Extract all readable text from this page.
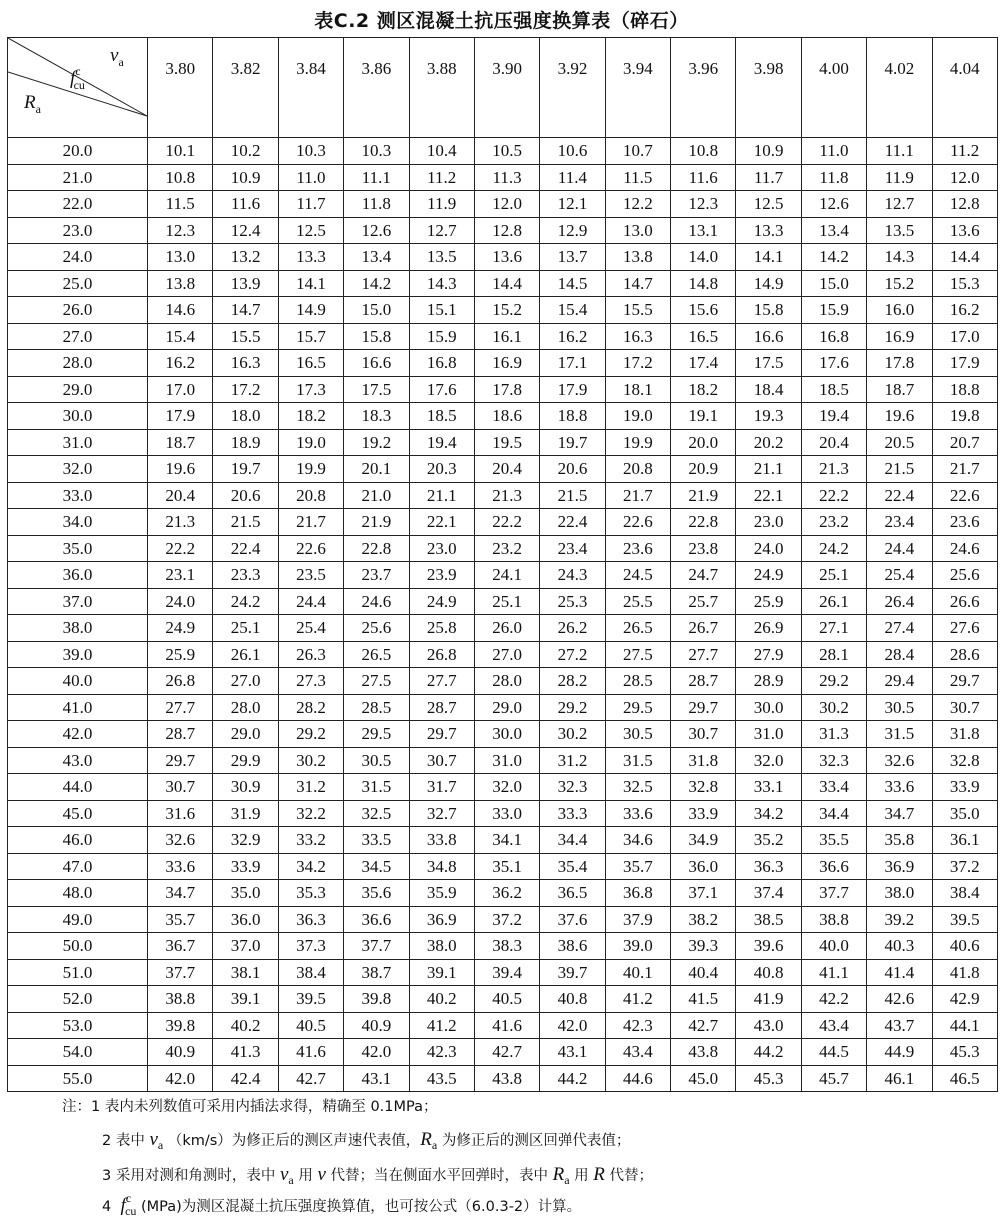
表C.2 测区混凝土抗压强度换算表（碎石）
$v_a$
$f^c_{cu}$
$R_a$	3.80	3.82	3.84	3.86	3.88	3.90	3.92	3.94	3.96	3.98	4.00	4.02	4.04
20.0	10.1	10.2	10.3	10.3	10.4	10.5	10.6	10.7	10.8	10.9	11.0	11.1	11.2
21.0	10.8	10.9	11.0	11.1	11.2	11.3	11.4	11.5	11.6	11.7	11.8	11.9	12.0
22.0	11.5	11.6	11.7	11.8	11.9	12.0	12.1	12.2	12.3	12.5	12.6	12.7	12.8
23.0	12.3	12.4	12.5	12.6	12.7	12.8	12.9	13.0	13.1	13.3	13.4	13.5	13.6
24.0	13.0	13.2	13.3	13.4	13.5	13.6	13.7	13.8	14.0	14.1	14.2	14.3	14.4
25.0	13.8	13.9	14.1	14.2	14.3	14.4	14.5	14.7	14.8	14.9	15.0	15.2	15.3
26.0	14.6	14.7	14.9	15.0	15.1	15.2	15.4	15.5	15.6	15.8	15.9	16.0	16.2
27.0	15.4	15.5	15.7	15.8	15.9	16.1	16.2	16.3	16.5	16.6	16.8	16.9	17.0
28.0	16.2	16.3	16.5	16.6	16.8	16.9	17.1	17.2	17.4	17.5	17.6	17.8	17.9
29.0	17.0	17.2	17.3	17.5	17.6	17.8	17.9	18.1	18.2	18.4	18.5	18.7	18.8
30.0	17.9	18.0	18.2	18.3	18.5	18.6	18.8	19.0	19.1	19.3	19.4	19.6	19.8
31.0	18.7	18.9	19.0	19.2	19.4	19.5	19.7	19.9	20.0	20.2	20.4	20.5	20.7
32.0	19.6	19.7	19.9	20.1	20.3	20.4	20.6	20.8	20.9	21.1	21.3	21.5	21.7
33.0	20.4	20.6	20.8	21.0	21.1	21.3	21.5	21.7	21.9	22.1	22.2	22.4	22.6
34.0	21.3	21.5	21.7	21.9	22.1	22.2	22.4	22.6	22.8	23.0	23.2	23.4	23.6
35.0	22.2	22.4	22.6	22.8	23.0	23.2	23.4	23.6	23.8	24.0	24.2	24.4	24.6
36.0	23.1	23.3	23.5	23.7	23.9	24.1	24.3	24.5	24.7	24.9	25.1	25.4	25.6
37.0	24.0	24.2	24.4	24.6	24.9	25.1	25.3	25.5	25.7	25.9	26.1	26.4	26.6
38.0	24.9	25.1	25.4	25.6	25.8	26.0	26.2	26.5	26.7	26.9	27.1	27.4	27.6
39.0	25.9	26.1	26.3	26.5	26.8	27.0	27.2	27.5	27.7	27.9	28.1	28.4	28.6
40.0	26.8	27.0	27.3	27.5	27.7	28.0	28.2	28.5	28.7	28.9	29.2	29.4	29.7
41.0	27.7	28.0	28.2	28.5	28.7	29.0	29.2	29.5	29.7	30.0	30.2	30.5	30.7
42.0	28.7	29.0	29.2	29.5	29.7	30.0	30.2	30.5	30.7	31.0	31.3	31.5	31.8
43.0	29.7	29.9	30.2	30.5	30.7	31.0	31.2	31.5	31.8	32.0	32.3	32.6	32.8
44.0	30.7	30.9	31.2	31.5	31.7	32.0	32.3	32.5	32.8	33.1	33.4	33.6	33.9
45.0	31.6	31.9	32.2	32.5	32.7	33.0	33.3	33.6	33.9	34.2	34.4	34.7	35.0
46.0	32.6	32.9	33.2	33.5	33.8	34.1	34.4	34.6	34.9	35.2	35.5	35.8	36.1
47.0	33.6	33.9	34.2	34.5	34.8	35.1	35.4	35.7	36.0	36.3	36.6	36.9	37.2
48.0	34.7	35.0	35.3	35.6	35.9	36.2	36.5	36.8	37.1	37.4	37.7	38.0	38.4
49.0	35.7	36.0	36.3	36.6	36.9	37.2	37.6	37.9	38.2	38.5	38.8	39.2	39.5
50.0	36.7	37.0	37.3	37.7	38.0	38.3	38.6	39.0	39.3	39.6	40.0	40.3	40.6
51.0	37.7	38.1	38.4	38.7	39.1	39.4	39.7	40.1	40.4	40.8	41.1	41.4	41.8
52.0	38.8	39.1	39.5	39.8	40.2	40.5	40.8	41.2	41.5	41.9	42.2	42.6	42.9
53.0	39.8	40.2	40.5	40.9	41.2	41.6	42.0	42.3	42.7	43.0	43.4	43.7	44.1
54.0	40.9	41.3	41.6	42.0	42.3	42.7	43.1	43.4	43.8	44.2	44.5	44.9	45.3
55.0	42.0	42.4	42.7	43.1	43.5	43.8	44.2	44.6	45.0	45.3	45.7	46.1	46.5
注：1 表内未列数值可采用内插法求得，精确至 0.1MPa；
2 表中 $v_a$ （km/s）为修正后的测区声速代表值，$R_a$ 为修正后的测区回弹代表值；
3 采用对测和角测时，表中 $v_a$ 用 v 代替；当在侧面水平回弹时，表中 $R_a$ 用 R 代替；
4 $f^c_{cu}$ (MPa)为测区混凝土抗压强度换算值，也可按公式（6.0.3-2）计算。
